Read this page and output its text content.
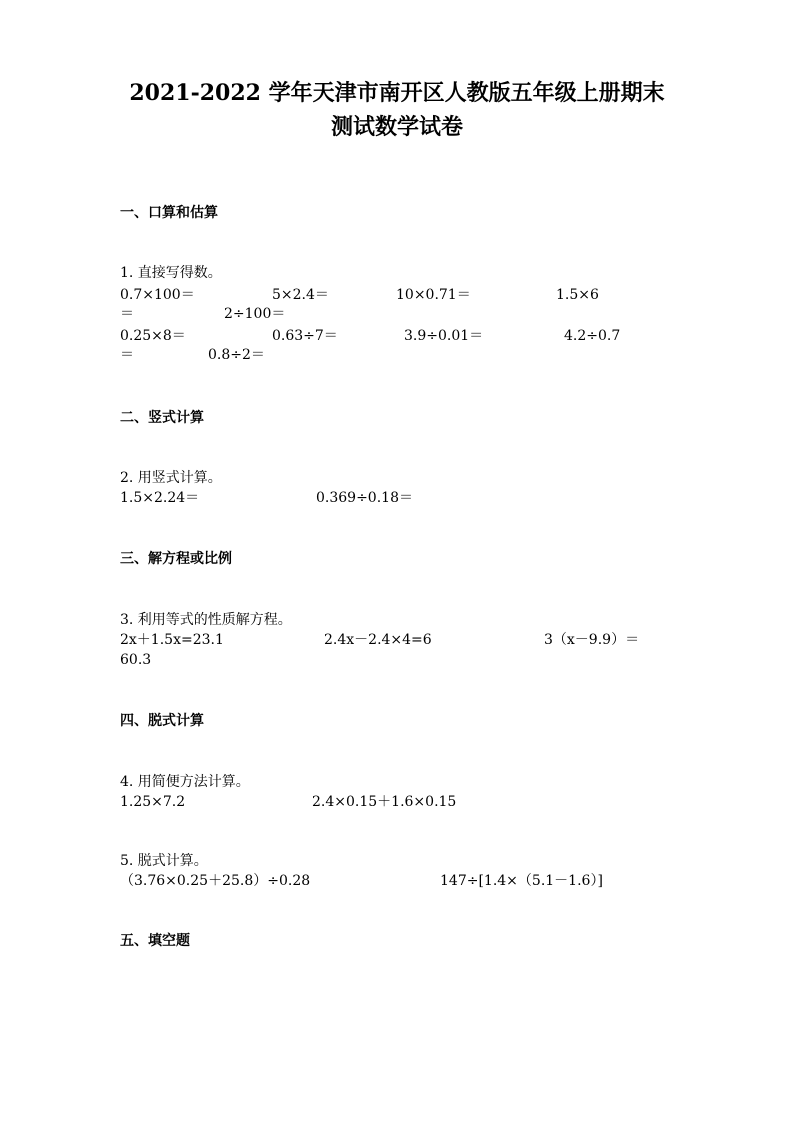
2021-2022 学年天津市南开区人教版五年级上册期末
测试数学试卷
一、口算和估算
1. 直接写得数。
0.7×100＝	5×2.4＝	10×0.71＝	1.5×6
＝	2÷100＝
0.25×8＝	0.63÷7＝	3.9÷0.01＝	4.2÷0.7
＝	0.8÷2＝
二、竖式计算
2. 用竖式计算。
1.5×2.24＝	0.369÷0.18＝
三、解方程或比例
3. 利用等式的性质解方程。
2x＋1.5x=23.1	2.4x－2.4×4=6	3（x－9.9）＝
60.3
四、脱式计算
4. 用简便方法计算。
1.25×7.2	2.4×0.15＋1.6×0.15
5. 脱式计算。
（3.76×0.25＋25.8）÷0.28	147÷[1.4×（5.1－1.6）]
五、填空题
